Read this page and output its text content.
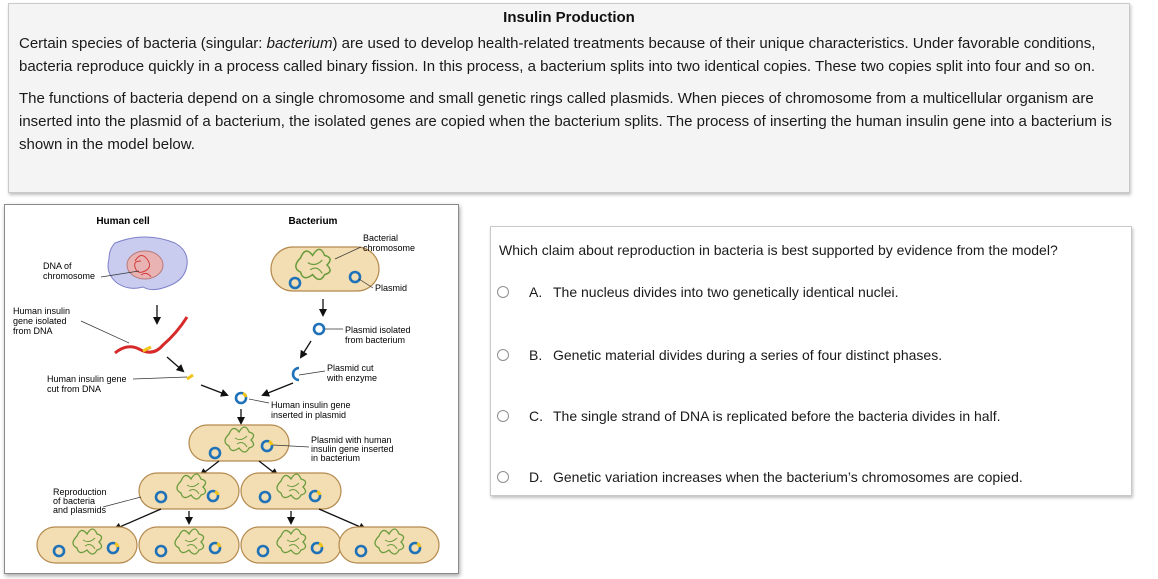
Insulin Production

Certain species of bacteria (singular: bacterium) are used to develop health-related treatments because of their unique characteristics. Under favorable conditions, bacteria reproduce quickly in a process called binary fission. In this process, a bacterium splits into two identical copies. These two copies split into four and so on.

The functions of bacteria depend on a single chromosome and small genetic rings called plasmids. When pieces of chromosome from a multicellular organism are inserted into the plasmid of a bacterium, the isolated genes are copied when the bacterium splits. The process of inserting the human insulin gene into a bacterium is shown in the model below.

Human cell	Bacterium
DNA of
chromosome
Bacterial
chromosome
Plasmid
Human insulin
gene isolated
from DNA	Plasmid isolated
from bacterium
Plasmid cut
with enzyme
Human insulin gene
cut from DNA
Human insulin gene
inserted in plasmid
Plasmid with human
insulin gene inserted
in bacterium
Reproduction
of bacteria
and plasmids
Which claim about reproduction in bacteria is best supported by evidence from the model?
A. The nucleus divides into two genetically identical nuclei.
B. Genetic material divides during a series of four distinct phases.
C. The single strand of DNA is replicated before the bacteria divides in half.
D. Genetic variation increases when the bacterium’s chromosomes are copied.
